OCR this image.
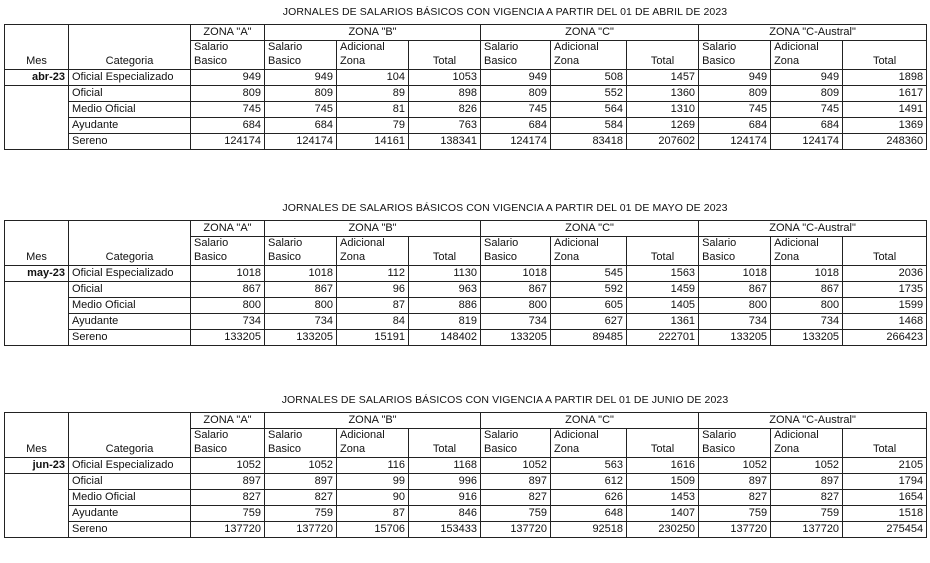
JORNALES DE SALARIOS BÁSICOS CON VIGENCIA A PARTIR DEL 01 DE ABRIL DE 2023
		ZONA "A"	ZONA "B"			ZONA "C"			ZONA "C-Austral"		
		Salario	Salario	Adicional		Salario	Adicional		Salario	Adicional	
Mes	Categoria	Basico	Basico	Zona	Total	Basico	Zona	Total	Basico	Zona	Total
abr-23	Oficial Especializado	949	949	104	1053	949	508	1457	949	949	1898
	Oficial	809	809	89	898	809	552	1360	809	809	1617
	Medio Oficial	745	745	81	826	745	564	1310	745	745	1491
	Ayudante	684	684	79	763	684	584	1269	684	684	1369
	Sereno	124174	124174	14161	138341	124174	83418	207602	124174	124174	248360
JORNALES DE SALARIOS BÁSICOS CON VIGENCIA A PARTIR DEL 01 DE MAYO DE 2023
		ZONA "A"	ZONA "B"			ZONA "C"			ZONA "C-Austral"		
		Salario	Salario	Adicional		Salario	Adicional		Salario	Adicional	
Mes	Categoria	Basico	Basico	Zona	Total	Basico	Zona	Total	Basico	Zona	Total
may-23	Oficial Especializado	1018	1018	112	1130	1018	545	1563	1018	1018	2036
	Oficial	867	867	96	963	867	592	1459	867	867	1735
	Medio Oficial	800	800	87	886	800	605	1405	800	800	1599
	Ayudante	734	734	84	819	734	627	1361	734	734	1468
	Sereno	133205	133205	15191	148402	133205	89485	222701	133205	133205	266423
JORNALES DE SALARIOS BÁSICOS CON VIGENCIA A PARTIR DEL 01 DE JUNIO DE 2023
		ZONA "A"	ZONA "B"			ZONA "C"			ZONA "C-Austral"		
		Salario	Salario	Adicional		Salario	Adicional		Salario	Adicional	
Mes	Categoria	Basico	Basico	Zona	Total	Basico	Zona	Total	Basico	Zona	Total
jun-23	Oficial Especializado	1052	1052	116	1168	1052	563	1616	1052	1052	2105
	Oficial	897	897	99	996	897	612	1509	897	897	1794
	Medio Oficial	827	827	90	916	827	626	1453	827	827	1654
	Ayudante	759	759	87	846	759	648	1407	759	759	1518
	Sereno	137720	137720	15706	153433	137720	92518	230250	137720	137720	275454
